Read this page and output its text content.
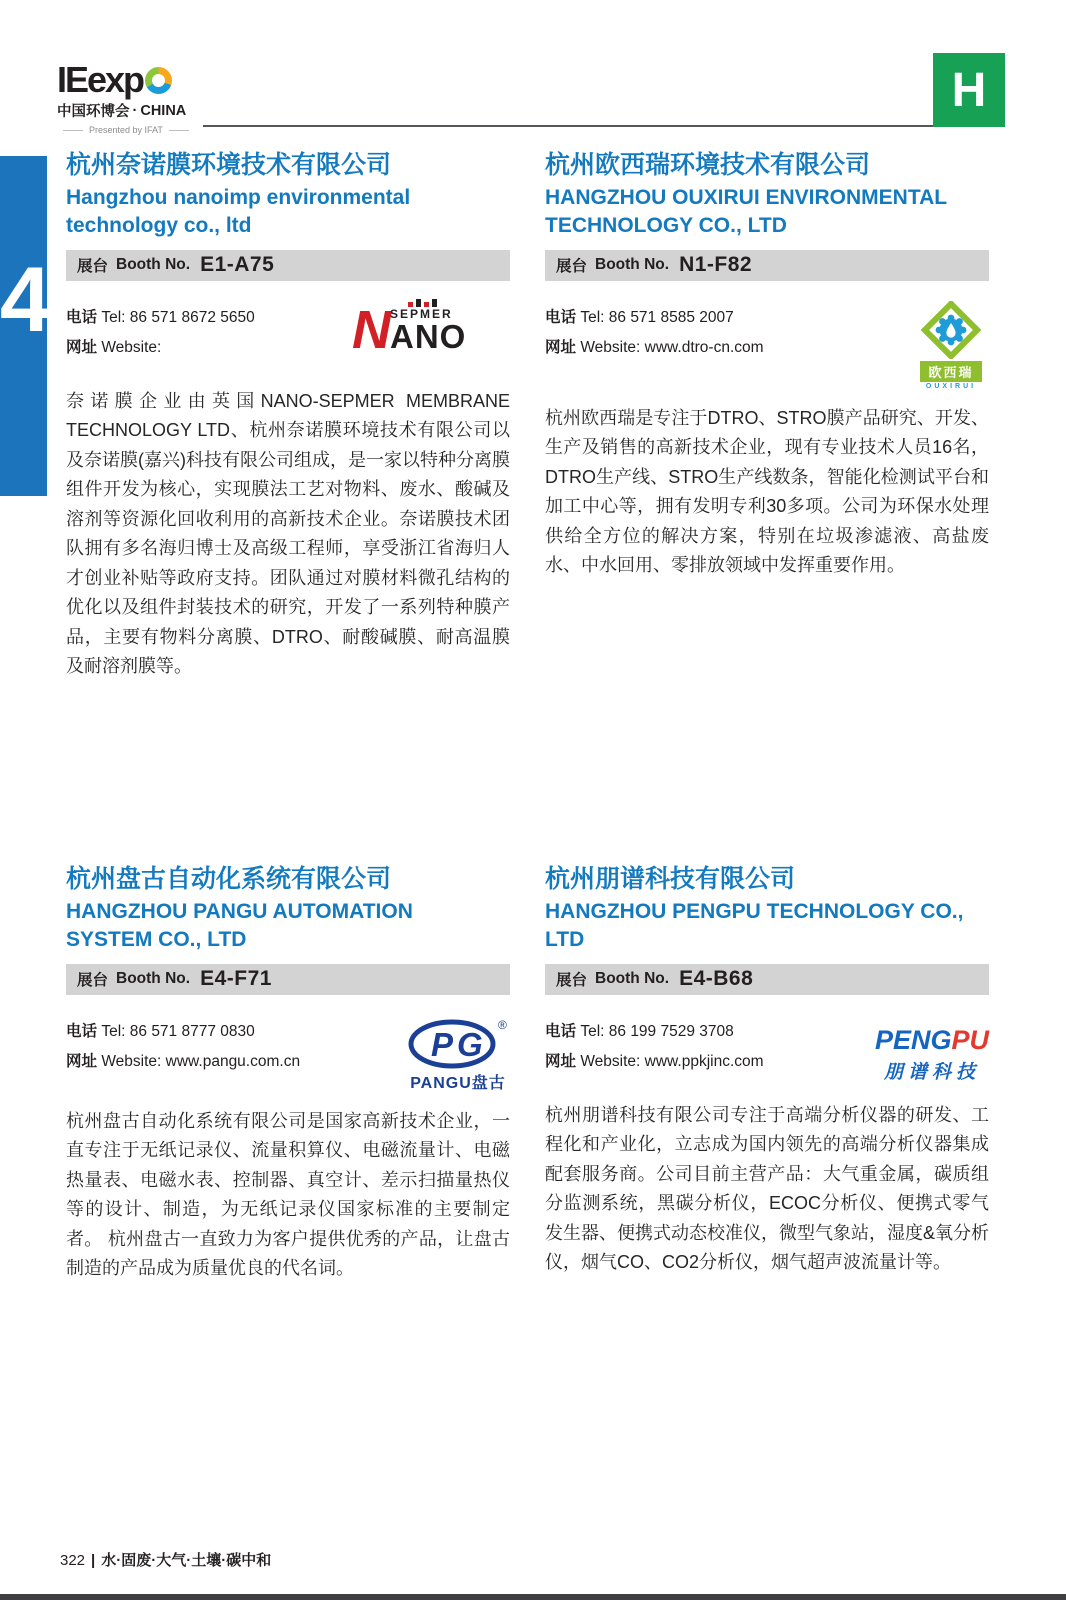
IEexp
中国环博会 · CHINA
Presented by IFAT
H
4
杭州奈诺膜环境技术有限公司
Hangzhou nanoimp environmental technology co., ltd
展台 Booth No. E1-A75
电话 Tel: 86 571 8672 5650
网址 Website:	N SEPMER
ANO

奈诺膜企业由英国NANO-SEPMER MEMBRANE TECHNOLOGY LTD、杭州奈诺膜环境技术有限公司以及奈诺膜(嘉兴)科技有限公司组成，是一家以特种分离膜组件开发为核心，实现膜法工艺对物料、废水、酸碱及溶剂等资源化回收利用的高新技术企业。奈诺膜技术团队拥有多名海归博士及高级工程师，享受浙江省海归人才创业补贴等政府支持。团队通过对膜材料微孔结构的优化以及组件封装技术的研究，开发了一系列特种膜产品，主要有物料分离膜、DTRO、耐酸碱膜、耐高温膜及耐溶剂膜等。

杭州欧西瑞环境技术有限公司
HANGZHOU OUXIRUI ENVIRONMENTAL TECHNOLOGY CO., LTD
展台 Booth No. N1-F82
电话 Tel: 86 571 8585 2007
网址 Website: www.dtro-cn.com
欧西瑞
OUXIRUI

杭州欧西瑞是专注于DTRO、STRO膜产品研究、开发、生产及销售的高新技术企业，现有专业技术人员16名，DTRO生产线、STRO生产线数条，智能化检测试平台和加工中心等，拥有发明专利30多项。公司为环保水处理供给全方位的解决方案，特别在垃圾渗滤液、高盐废水、中水回用、零排放领域中发挥重要作用。

杭州盘古自动化系统有限公司
HANGZHOU PANGU AUTOMATION SYSTEM CO., LTD
展台 Booth No. E4-F71
电话 Tel: 86 571 8777 0830
网址 Website: www.pangu.com.cn	P G
®
PANGU盘古

杭州盘古自动化系统有限公司是国家高新技术企业，一直专注于无纸记录仪、流量积算仪、电磁流量计、电磁热量表、电磁水表、控制器、真空计、差示扫描量热仪等的设计、制造，为无纸记录仪国家标准的主要制定者。 杭州盘古一直致力为客户提供优秀的产品，让盘古制造的产品成为质量优良的代名词。

杭州朋谱科技有限公司
HANGZHOU PENGPU TECHNOLOGY CO., LTD
展台 Booth No. E4-B68
电话 Tel: 86 199 7529 3708
网址 Website: www.ppkjinc.com
PENGPU
朋谱科技

杭州朋谱科技有限公司专注于高端分析仪器的研发、工程化和产业化，立志成为国内领先的高端分析仪器集成配套服务商。公司目前主营产品：大气重金属，碳质组分监测系统，黑碳分析仪，ECOC分析仪、便携式零气发生器、便携式动态校准仪，微型气象站，湿度&氧分析仪，烟气CO、CO2分析仪，烟气超声波流量计等。

322 | 水·固废·大气·土壤·碳中和
